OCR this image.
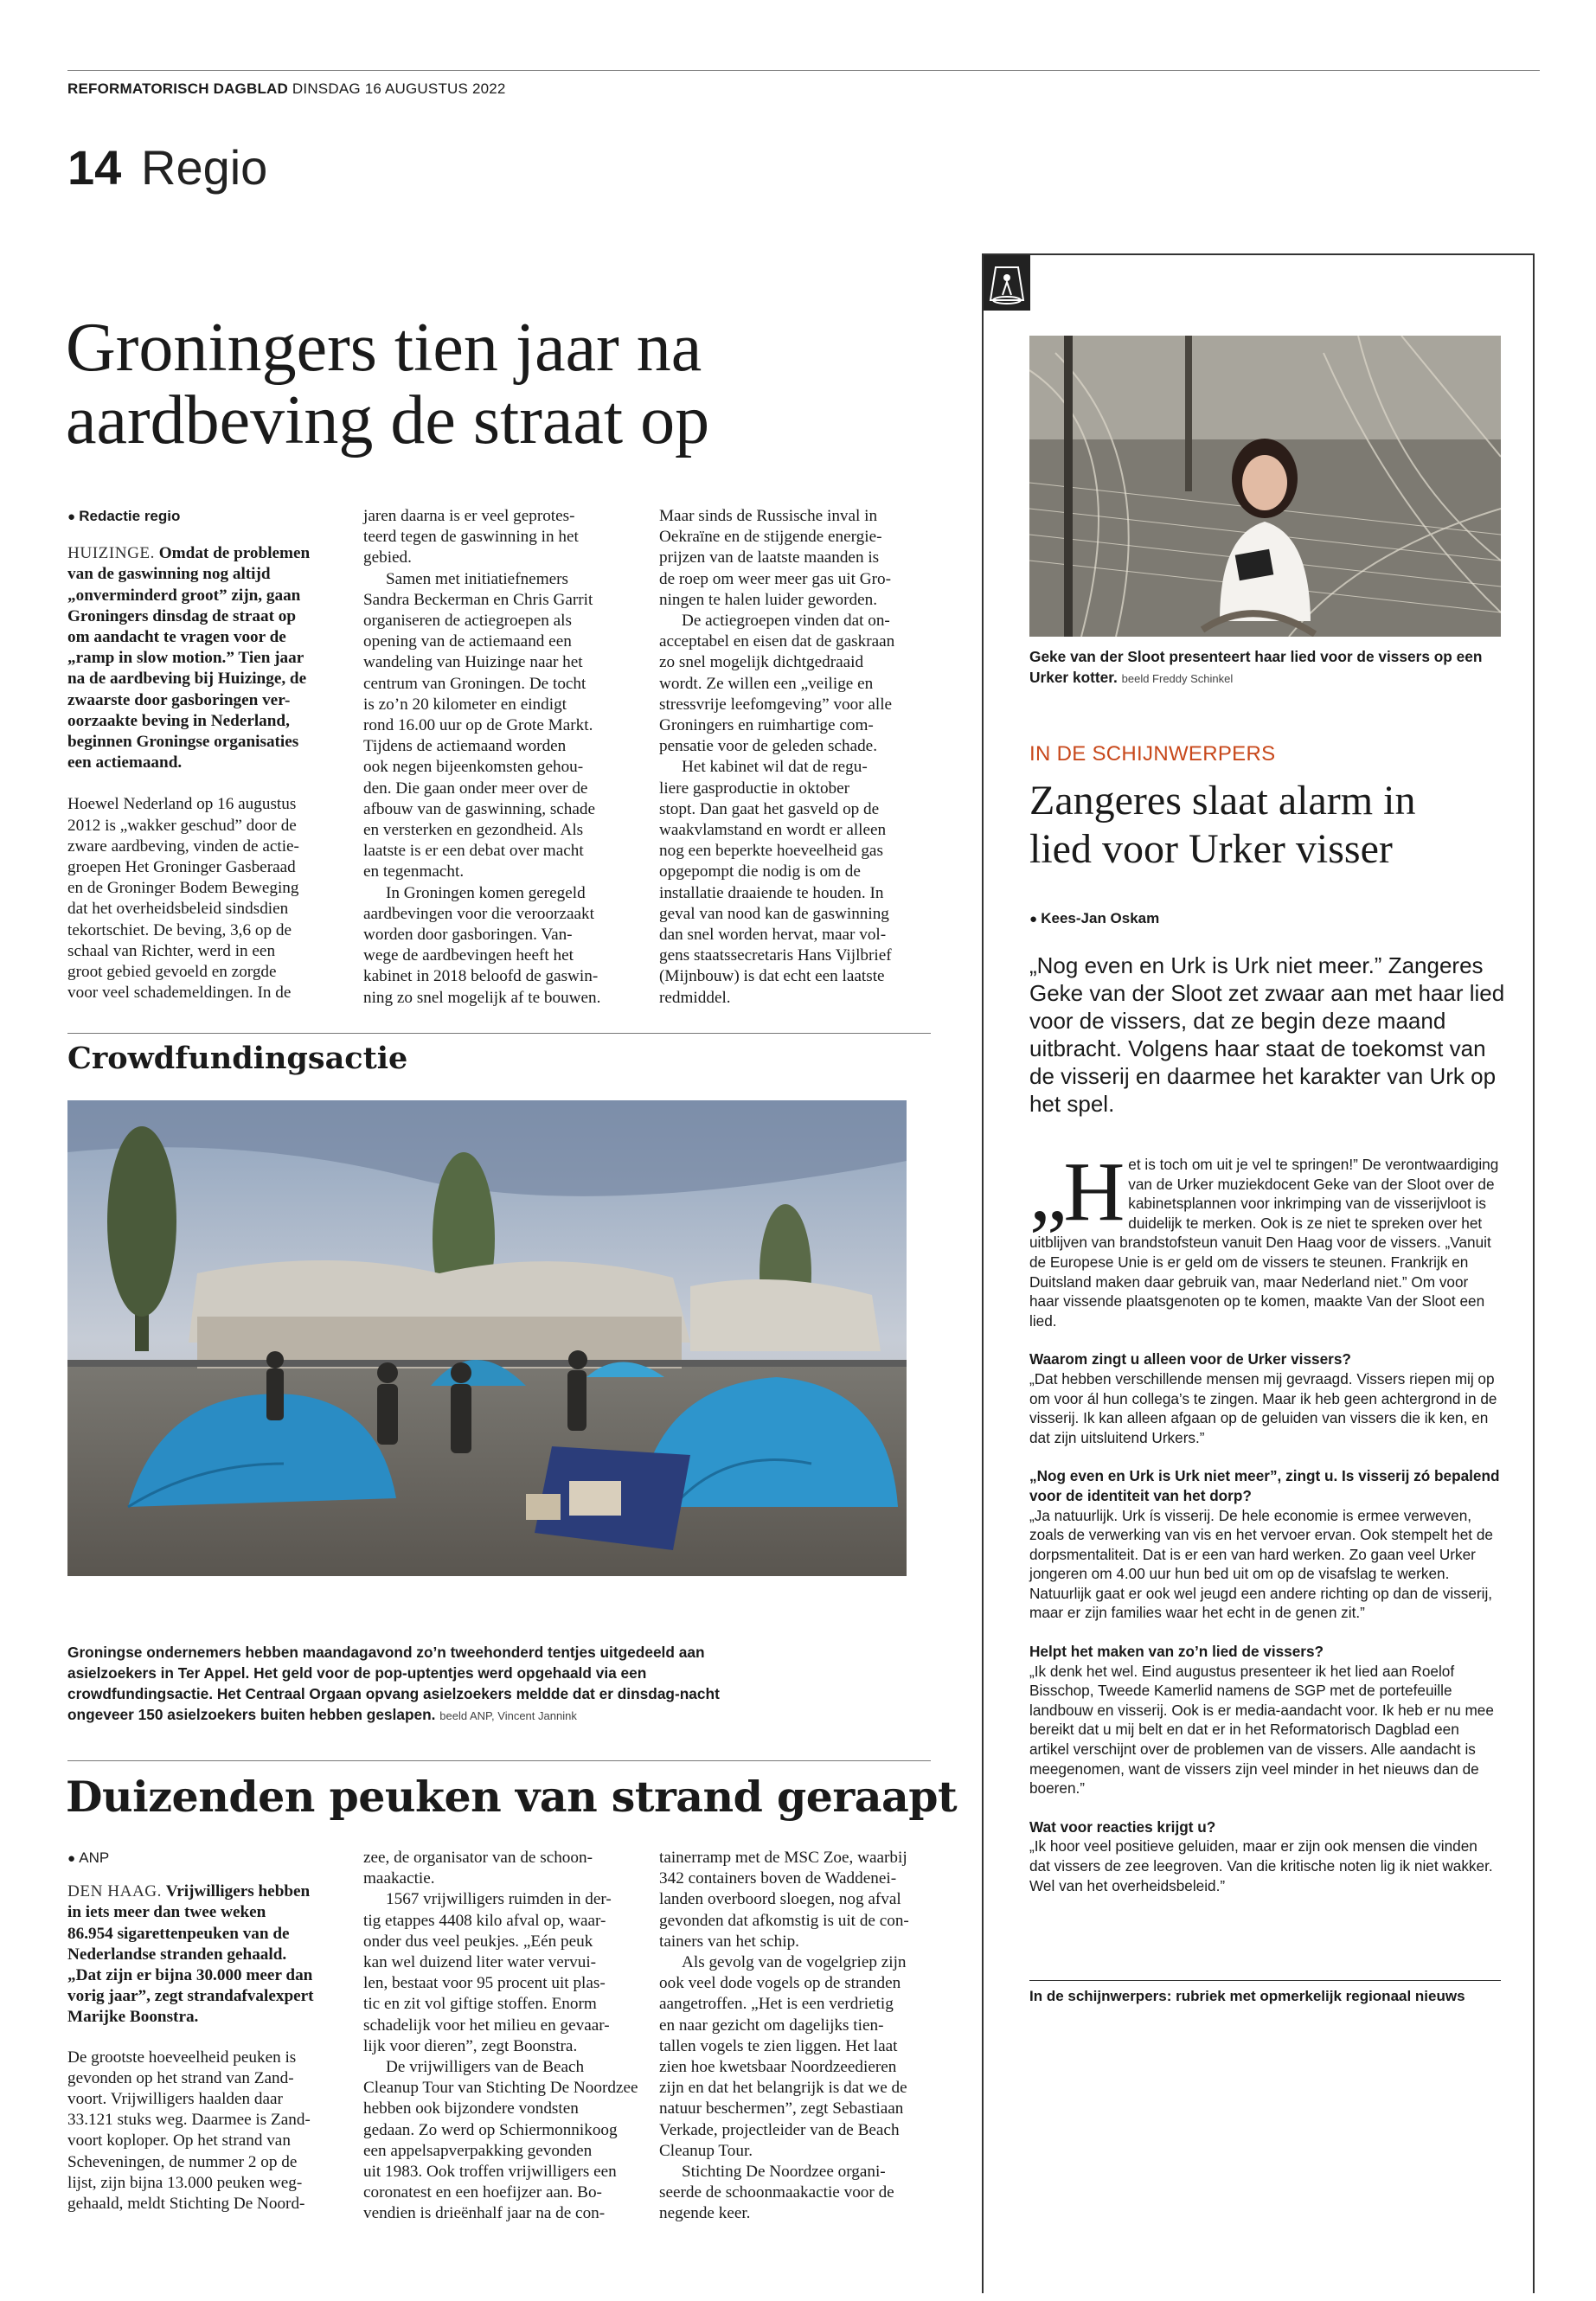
REFORMATORISCH DAGBLAD DINSDAG 16 AUGUSTUS 2022
14 Regio
Groningers tien jaar na
aardbeving de straat op
● Redactie regio
HUIZINGE. Omdat de problemen
van de gaswinning nog altijd
„onverminderd groot” zijn, gaan
Groningers dinsdag de straat op
om aandacht te vragen voor de
„ramp in slow motion.” Tien jaar
na de aardbeving bij Huizinge, de
zwaarste door gasboringen ver-
oorzaakte beving in Nederland,
beginnen Groningse organisaties
een actiemaand.
Hoewel Nederland op 16 augustus
2012 is „wakker geschud” door de
zware aardbeving, vinden de actie-
groepen Het Groninger Gasberaad
en de Groninger Bodem Beweging
dat het overheidsbeleid sindsdien
tekortschiet. De beving, 3,6 op de
schaal van Richter, werd in een
groot gebied gevoeld en zorgde
voor veel schademeldingen. In de
jaren daarna is er veel geprotes-
teerd tegen de gaswinning in het
gebied.
Samen met initiatiefnemers
Sandra Beckerman en Chris Garrit
organiseren de actiegroepen als
opening van de actiemaand een
wandeling van Huizinge naar het
centrum van Groningen. De tocht
is zo’n 20 kilometer en eindigt
rond 16.00 uur op de Grote Markt.
Tijdens de actiemaand worden
ook negen bijeenkomsten gehou-
den. Die gaan onder meer over de
afbouw van de gaswinning, schade
en versterken en gezondheid. Als
laatste is er een debat over macht
en tegenmacht.
In Groningen komen geregeld
aardbevingen voor die veroorzaakt
worden door gasboringen. Van-
wege de aardbevingen heeft het
kabinet in 2018 beloofd de gaswin-
ning zo snel mogelijk af te bouwen.
Maar sinds de Russische inval in
Oekraïne en de stijgende energie-
prijzen van de laatste maanden is
de roep om weer meer gas uit Gro-
ningen te halen luider geworden.
De actiegroepen vinden dat on-
acceptabel en eisen dat de gaskraan
zo snel mogelijk dichtgedraaid
wordt. Ze willen een „veilige en
stressvrije leefomgeving” voor alle
Groningers en ruimhartige com-
pensatie voor de geleden schade.
Het kabinet wil dat de regu-
liere gasproductie in oktober
stopt. Dan gaat het gasveld op de
waakvlamstand en wordt er alleen
nog een beperkte hoeveelheid gas
opgepompt die nodig is om de
installatie draaiende te houden. In
geval van nood kan de gaswinning
dan snel worden hervat, maar vol-
gens staatssecretaris Hans Vijlbrief
(Mijnbouw) is dat echt een laatste
redmiddel.
Crowdfundingsactie
Groningse ondernemers hebben maandagavond zo’n tweehonderd tentjes uitgedeeld aan asielzoekers in Ter Appel. Het geld voor de pop-uptentjes werd opgehaald via een crowdfundingsactie. Het Centraal Orgaan opvang asielzoekers meldde dat er dinsdag-nacht ongeveer 150 asielzoekers buiten hebben geslapen. beeld ANP, Vincent Jannink
Duizenden peuken van strand geraapt
● ANP
DEN HAAG. Vrijwilligers hebben
in iets meer dan twee weken
86.954 sigarettenpeuken van de
Nederlandse stranden gehaald.
„Dat zijn er bijna 30.000 meer dan
vorig jaar”, zegt strandafvalexpert
Marijke Boonstra.
De grootste hoeveelheid peuken is
gevonden op het strand van Zand-
voort. Vrijwilligers haalden daar
33.121 stuks weg. Daarmee is Zand-
voort koploper. Op het strand van
Scheveningen, de nummer 2 op de
lijst, zijn bijna 13.000 peuken weg-
gehaald, meldt Stichting De Noord-
zee, de organisator van de schoon-
maakactie.
1567 vrijwilligers ruimden in der-
tig etappes 4408 kilo afval op, waar-
onder dus veel peukjes. „Eén peuk
kan wel duizend liter water vervui-
len, bestaat voor 95 procent uit plas-
tic en zit vol giftige stoffen. Enorm
schadelijk voor het milieu en gevaar-
lijk voor dieren”, zegt Boonstra.
De vrijwilligers van de Beach
Cleanup Tour van Stichting De Noordzee
hebben ook bijzondere vondsten
gedaan. Zo werd op Schiermonnikoog
een appelsapverpakking gevonden
uit 1983. Ook troffen vrijwilligers een
coronatest en een hoefijzer aan. Bo-
vendien is drieënhalf jaar na de con-
tainerramp met de MSC Zoe, waarbij
342 containers boven de Waddenei-
landen overboord sloegen, nog afval
gevonden dat afkomstig is uit de con-
tainers van het schip.
Als gevolg van de vogelgriep zijn
ook veel dode vogels op de stranden
aangetroffen. „Het is een verdrietig
en naar gezicht om dagelijks tien-
tallen vogels te zien liggen. Het laat
zien hoe kwetsbaar Noordzeedieren
zijn en dat het belangrijk is dat we de
natuur beschermen”, zegt Sebastiaan
Verkade, projectleider van de Beach
Cleanup Tour.
Stichting De Noordzee organi-
seerde de schoonmaakactie voor de
negende keer.
Geke van der Sloot presenteert haar lied voor de vissers op een Urker kotter. beeld Freddy Schinkel
IN DE SCHIJNWERPERS
Zangeres slaat alarm in
lied voor Urker visser
● Kees-Jan Oskam
„Nog even en Urk is Urk niet meer.” Zangeres Geke van der Sloot zet zwaar aan met haar lied voor de vissers, dat ze begin deze maand uitbracht. Volgens haar staat de toekomst van de visserij en daarmee het karakter van Urk op het spel.
„H et is toch om uit je vel te springen!” De verontwaardiging van de Urker muziekdocent Geke van der Sloot over de kabinetsplannen voor inkrimping van de visserijvloot is duidelijk te merken. Ook is ze niet te spreken over het uitblijven van brandstofsteun vanuit Den Haag voor de vissers. „Vanuit de Europese Unie is er geld om de vissers te steunen. Frankrijk en Duitsland maken daar gebruik van, maar Nederland niet.” Om voor haar vissende plaatsgenoten op te komen, maakte Van der Sloot een lied.
Waarom zingt u alleen voor de Urker vissers?
„Dat hebben verschillende mensen mij gevraagd. Vissers riepen mij op om voor ál hun collega’s te zingen. Maar ik heb geen achtergrond in de visserij. Ik kan alleen afgaan op de geluiden van vissers die ik ken, en dat zijn uitsluitend Urkers.”
„Nog even en Urk is Urk niet meer”, zingt u. Is visserij zó bepalend voor de identiteit van het dorp?
„Ja natuurlijk. Urk ís visserij. De hele economie is ermee verweven, zoals de verwerking van vis en het vervoer ervan. Ook stempelt het de dorpsmentaliteit. Dat is er een van hard werken. Zo gaan veel Urker jongeren om 4.00 uur hun bed uit om op de visafslag te werken. Natuurlijk gaat er ook wel jeugd een andere richting op dan de visserij, maar er zijn families waar het echt in de genen zit.”
Helpt het maken van zo’n lied de vissers?
„Ik denk het wel. Eind augustus presenteer ik het lied aan Roelof Bisschop, Tweede Kamerlid namens de SGP met de portefeuille landbouw en visserij. Ook is er media-aandacht voor. Ik heb er nu mee bereikt dat u mij belt en dat er in het Reformatorisch Dagblad een artikel verschijnt over de problemen van de vissers. Alle aandacht is meegenomen, want de vissers zijn veel minder in het nieuws dan de boeren.”
Wat voor reacties krijgt u?
„Ik hoor veel positieve geluiden, maar er zijn ook mensen die vinden dat vissers de zee leegroven. Van die kritische noten lig ik niet wakker. Wel van het overheidsbeleid.”
In de schijnwerpers: rubriek met opmerkelijk regionaal nieuws
